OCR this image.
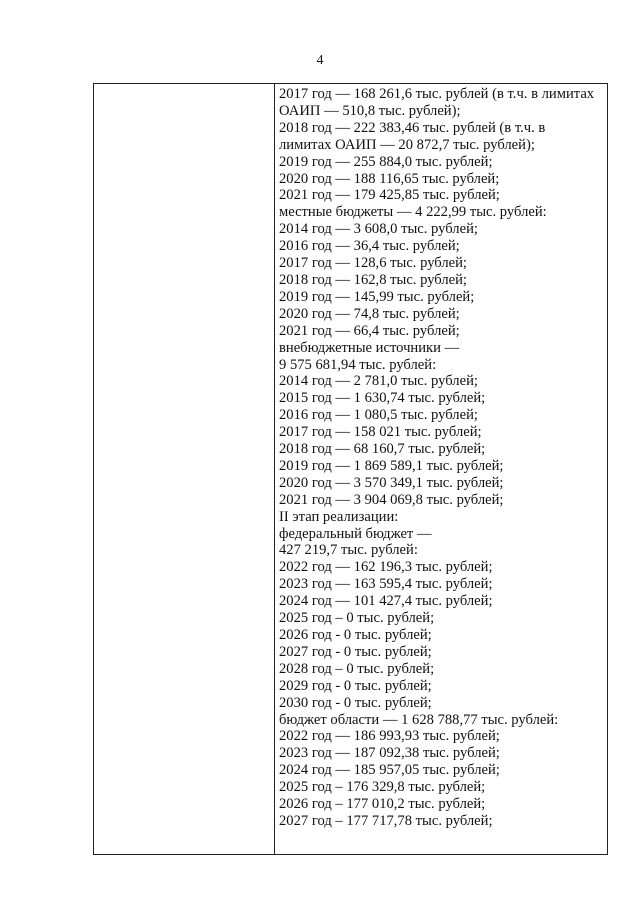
4
2017 год — 168 261,6 тыс. рублей (в т.ч. в лимитах
ОАИП — 510,8 тыс. рублей);
2018 год — 222 383,46 тыс. рублей (в т.ч. в
лимитах ОАИП — 20 872,7 тыс. рублей);
2019 год — 255 884,0 тыс. рублей;
2020 год — 188 116,65 тыс. рублей;
2021 год — 179 425,85 тыс. рублей;
местные бюджеты — 4 222,99 тыс. рублей:
2014 год — 3 608,0 тыс. рублей;
2016 год — 36,4 тыс. рублей;
2017 год — 128,6 тыс. рублей;
2018 год — 162,8 тыс. рублей;
2019 год — 145,99 тыс. рублей;
2020 год — 74,8 тыс. рублей;
2021 год — 66,4 тыс. рублей;
внебюджетные источники —
9 575 681,94 тыс. рублей:
2014 год — 2 781,0 тыс. рублей;
2015 год — 1 630,74 тыс. рублей;
2016 год — 1 080,5 тыс. рублей;
2017 год — 158 021 тыс. рублей;
2018 год — 68 160,7 тыс. рублей;
2019 год — 1 869 589,1 тыс. рублей;
2020 год — 3 570 349,1 тыс. рублей;
2021 год — 3 904 069,8 тыс. рублей;
II этап реализации:
федеральный бюджет —
427 219,7 тыс. рублей:
2022 год — 162 196,3 тыс. рублей;
2023 год — 163 595,4 тыс. рублей;
2024 год — 101 427,4 тыс. рублей;
2025 год – 0 тыс. рублей;
2026 год - 0 тыс. рублей;
2027 год - 0 тыс. рублей;
2028 год – 0 тыс. рублей;
2029 год - 0 тыс. рублей;
2030 год - 0 тыс. рублей;
бюджет области — 1 628 788,77 тыс. рублей:
2022 год — 186 993,93 тыс. рублей;
2023 год — 187 092,38 тыс. рублей;
2024 год — 185 957,05 тыс. рублей;
2025 год – 176 329,8 тыс. рублей;
2026 год – 177 010,2 тыс. рублей;
2027 год – 177 717,78 тыс. рублей;
